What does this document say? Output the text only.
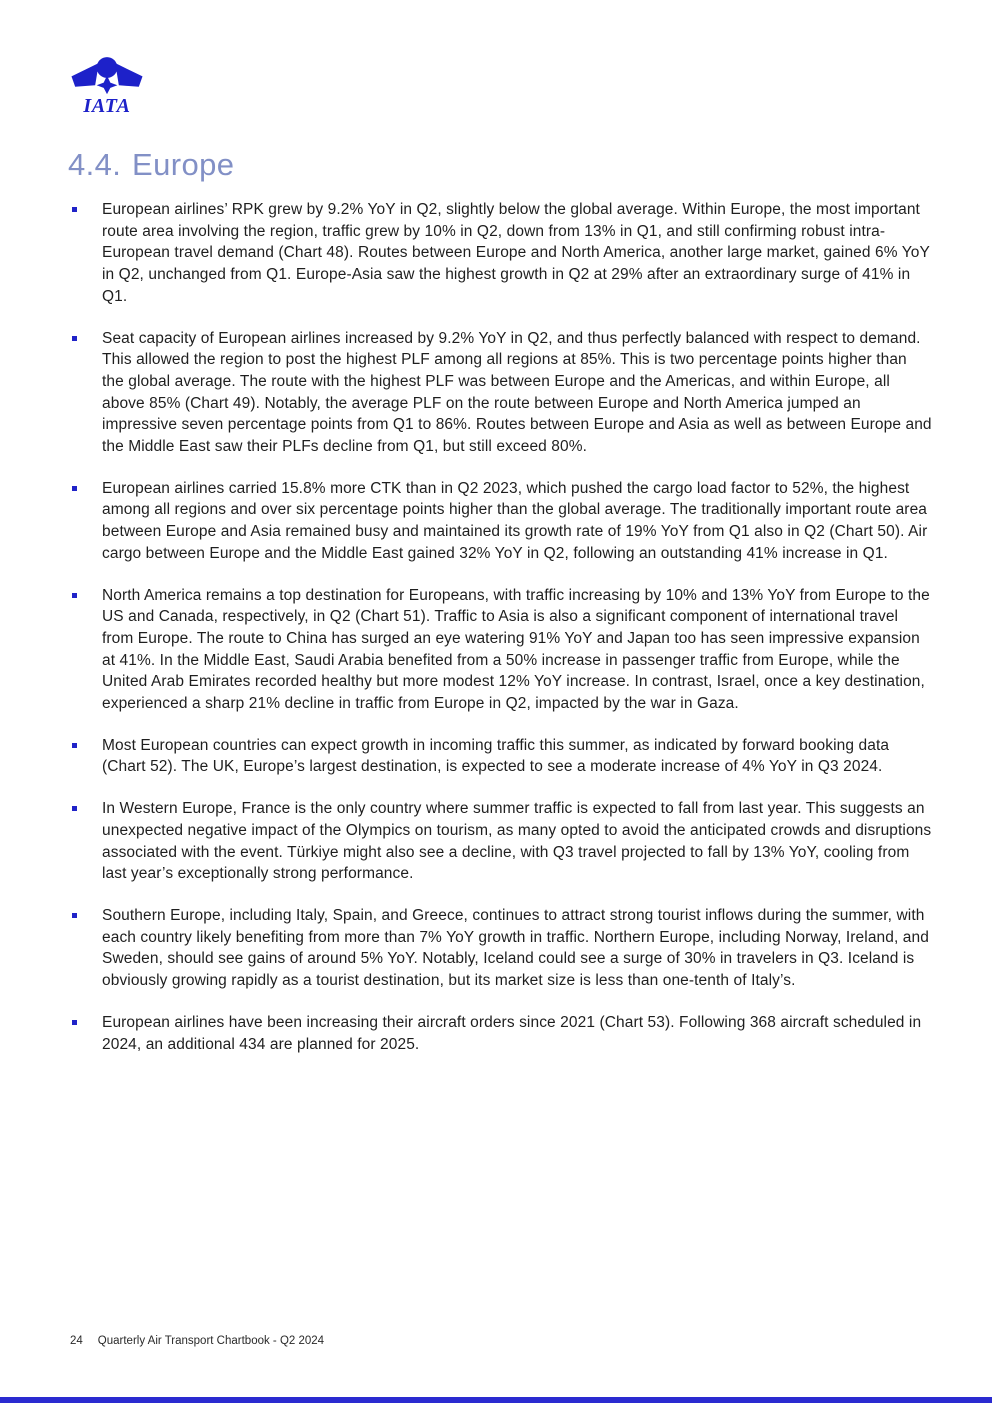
IATA
4.4. Europe

European airlines’ RPK grew by 9.2% YoY in Q2, slightly below the global average. Within Europe, the most important route area involving the region, traffic grew by 10% in Q2, down from 13% in Q1, and still confirming robust intra-European travel demand (Chart 48). Routes between Europe and North America, another large market, gained 6% YoY in Q2, unchanged from Q1. Europe-Asia saw the highest growth in Q2 at 29% after an extraordinary surge of 41% in Q1.

Seat capacity of European airlines increased by 9.2% YoY in Q2, and thus perfectly balanced with respect to demand. This allowed the region to post the highest PLF among all regions at 85%. This is two percentage points higher than the global average. The route with the highest PLF was between Europe and the Americas, and within Europe, all above 85% (Chart 49). Notably, the average PLF on the route between Europe and North America jumped an impressive seven percentage points from Q1 to 86%. Routes between Europe and Asia as well as between Europe and the Middle East saw their PLFs decline from Q1, but still exceed 80%.

European airlines carried 15.8% more CTK than in Q2 2023, which pushed the cargo load factor to 52%, the highest among all regions and over six percentage points higher than the global average. The traditionally important route area between Europe and Asia remained busy and maintained its growth rate of 19% YoY from Q1 also in Q2 (Chart 50). Air cargo between Europe and the Middle East gained 32% YoY in Q2, following an outstanding 41% increase in Q1.

North America remains a top destination for Europeans, with traffic increasing by 10% and 13% YoY from Europe to the US and Canada, respectively, in Q2 (Chart 51). Traffic to Asia is also a significant component of international travel from Europe. The route to China has surged an eye watering 91% YoY and Japan too has seen impressive expansion at 41%. In the Middle East, Saudi Arabia benefited from a 50% increase in passenger traffic from Europe, while the United Arab Emirates recorded healthy but more modest 12% YoY increase. In contrast, Israel, once a key destination, experienced a sharp 21% decline in traffic from Europe in Q2, impacted by the war in Gaza.

Most European countries can expect growth in incoming traffic this summer, as indicated by forward booking data (Chart 52). The UK, Europe’s largest destination, is expected to see a moderate increase of 4% YoY in Q3 2024.

In Western Europe, France is the only country where summer traffic is expected to fall from last year. This suggests an unexpected negative impact of the Olympics on tourism, as many opted to avoid the anticipated crowds and disruptions associated with the event. Türkiye might also see a decline, with Q3 travel projected to fall by 13% YoY, cooling from last year’s exceptionally strong performance.

Southern Europe, including Italy, Spain, and Greece, continues to attract strong tourist inflows during the summer, with each country likely benefiting from more than 7% YoY growth in traffic. Northern Europe, including Norway, Ireland, and Sweden, should see gains of around 5% YoY. Notably, Iceland could see a surge of 30% in travelers in Q3. Iceland is obviously growing rapidly as a tourist destination, but its market size is less than one-tenth of Italy’s.

European airlines have been increasing their aircraft orders since 2021 (Chart 53). Following 368 aircraft scheduled in 2024, an additional 434 are planned for 2025.

24 Quarterly Air Transport Chartbook - Q2 2024
